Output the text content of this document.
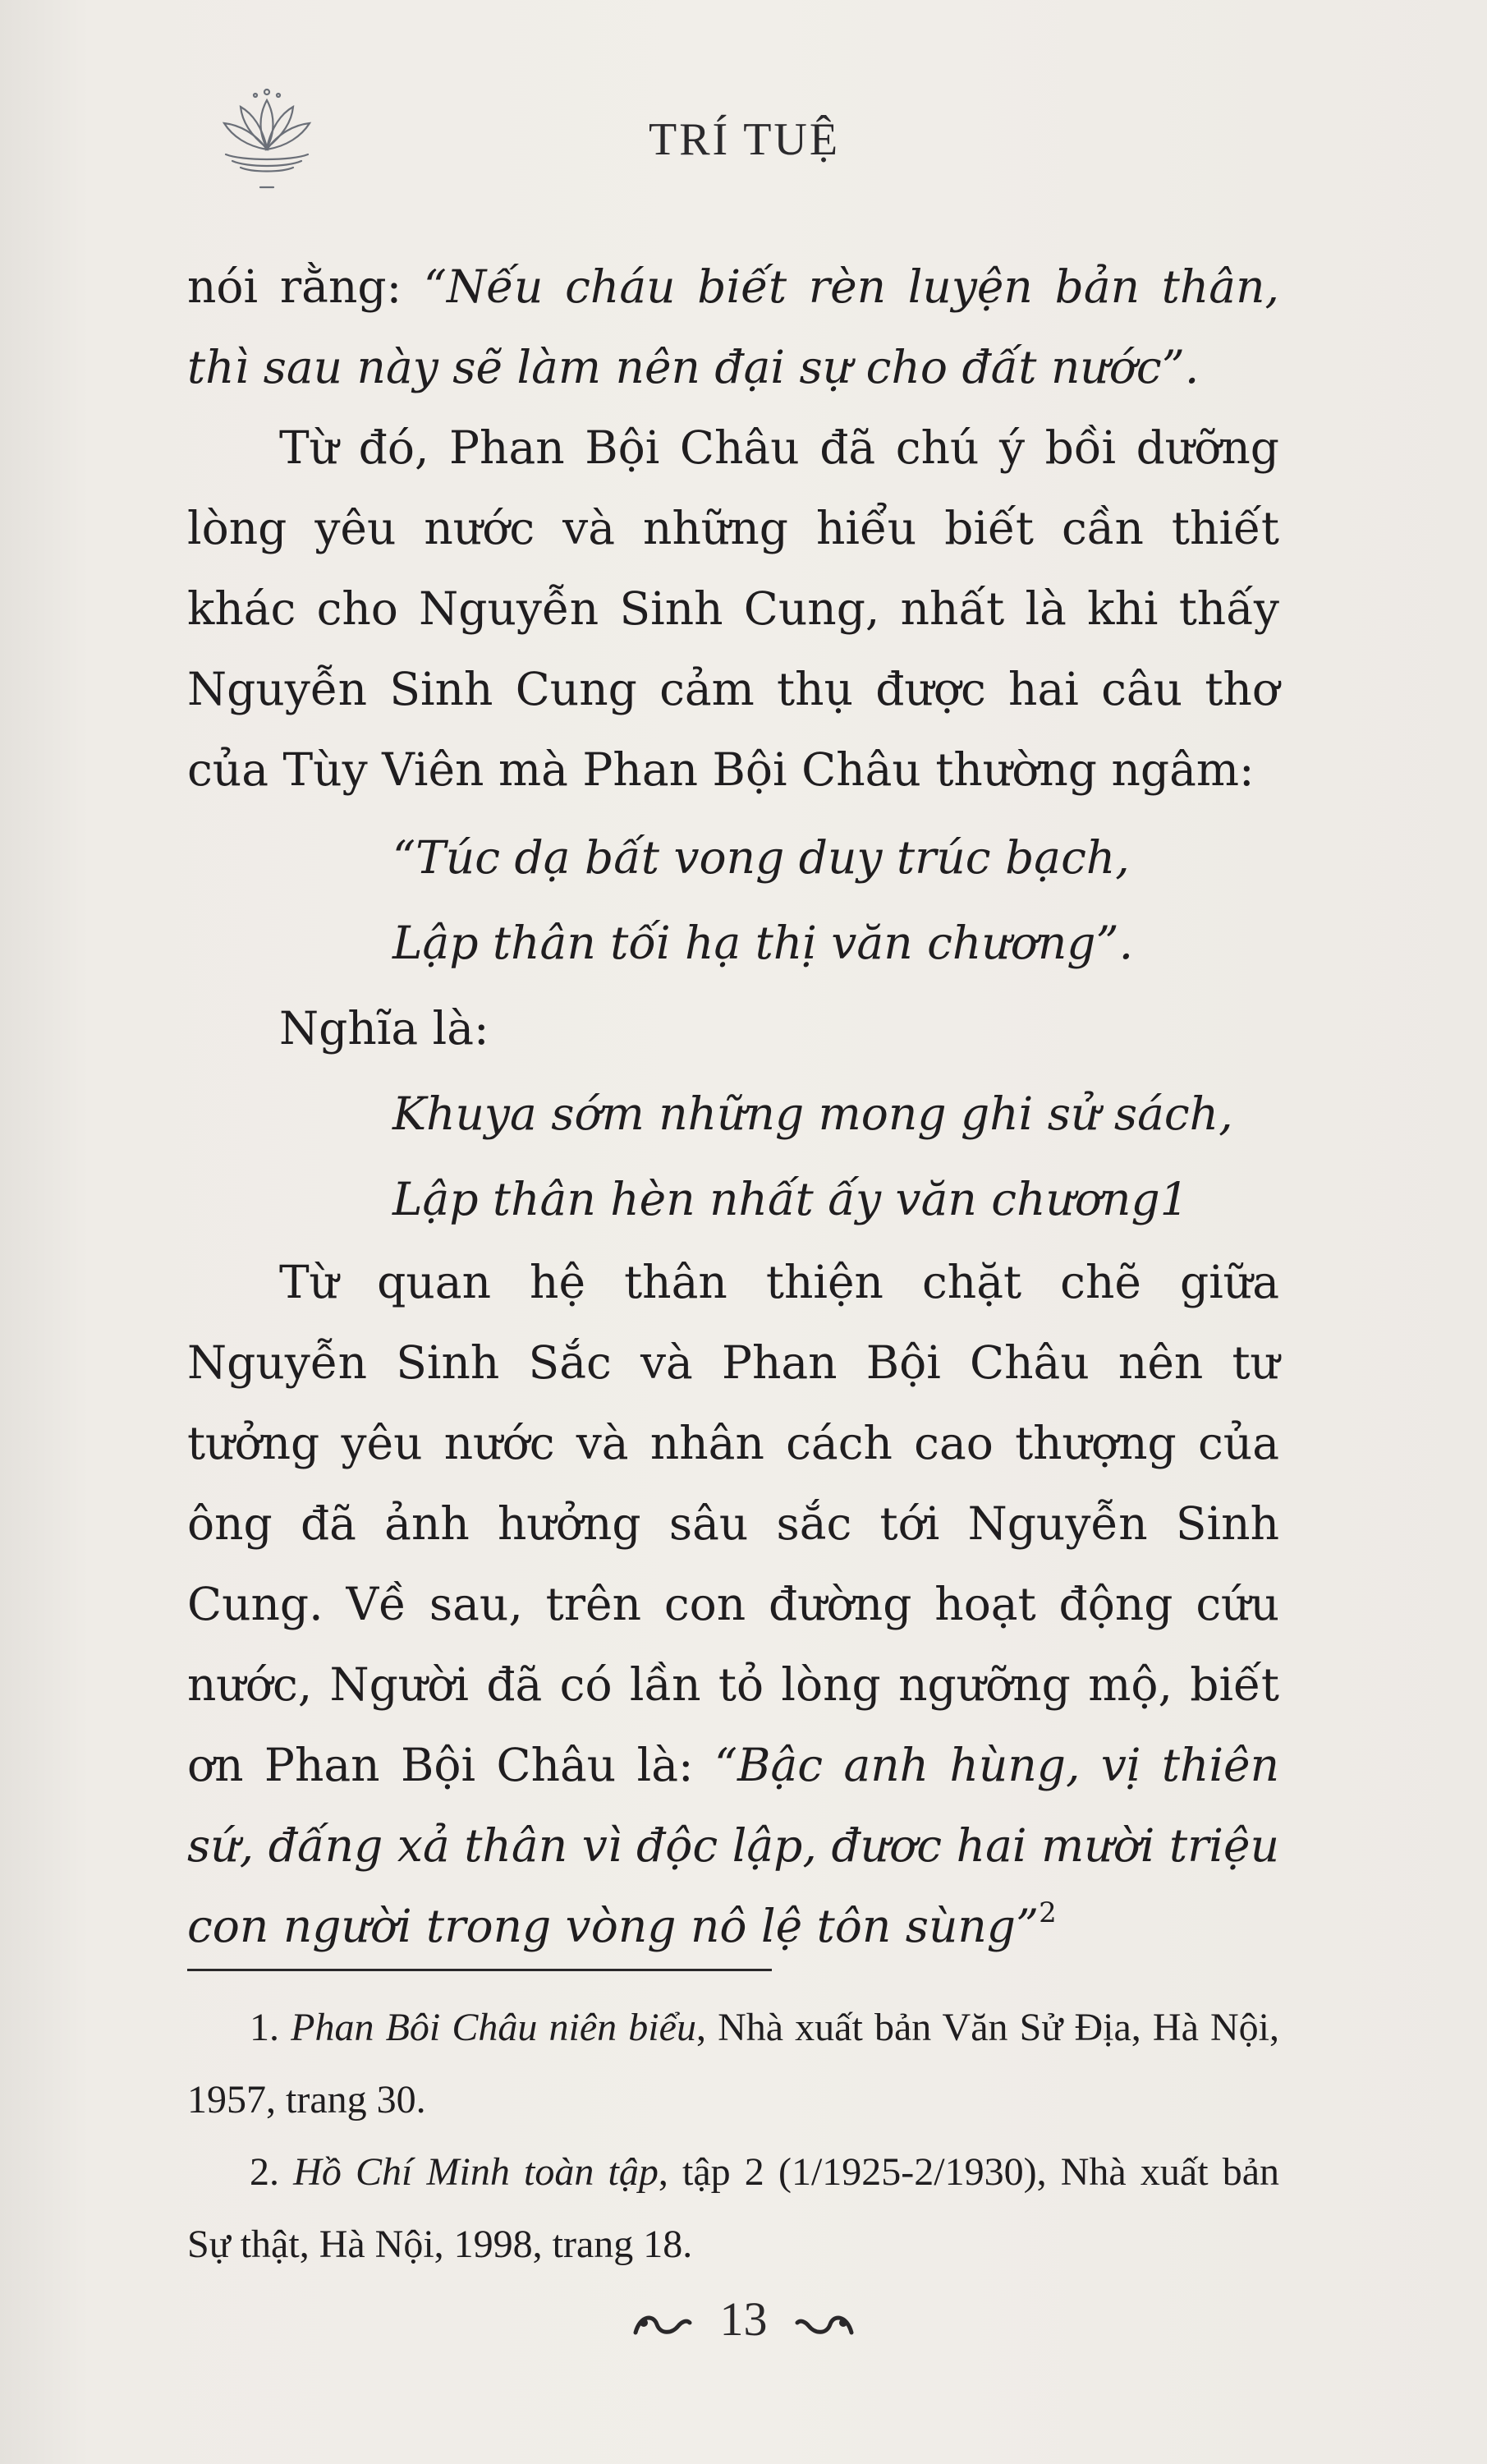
TRÍ TUỆ

nói rằng: “Nếu cháu biết rèn luyện bản thân, thì sau này sẽ làm nên đại sự cho đất nước”.

Từ đó, Phan Bội Châu đã chú ý bồi dưỡng lòng yêu nước và những hiểu biết cần thiết khác cho Nguyễn Sinh Cung, nhất là khi thấy Nguyễn Sinh Cung cảm thụ được hai câu thơ của Tùy Viên mà Phan Bội Châu thường ngâm:

“Túc dạ bất vong duy trúc bạch,
Lập thân tối hạ thị văn chương”.
Nghĩa là:
Khuya sớm những mong ghi sử sách,
Lập thân hèn nhất ấy văn chương1

Từ quan hệ thân thiện chặt chẽ giữa Nguyễn Sinh Sắc và Phan Bội Châu nên tư tưởng yêu nước và nhân cách cao thượng của ông đã ảnh hưởng sâu sắc tới Nguyễn Sinh Cung. Về sau, trên con đường hoạt động cứu nước, Người đã có lần tỏ lòng ngưỡng mộ, biết ơn Phan Bội Châu là: “Bậc anh hùng, vị thiên sứ, đấng xả thân vì độc lập, đươc hai mười triệu con người trong vòng nô lệ tôn sùng”$^2$

1. Phan Bôi Châu niên biểu, Nhà xuất bản Văn Sử Địa, Hà Nội, 1957, trang 30.

2. Hồ Chí Minh toàn tập, tập 2 (1/1925-2/1930), Nhà xuất bản Sự thật, Hà Nội, 1998, trang 18.

13
